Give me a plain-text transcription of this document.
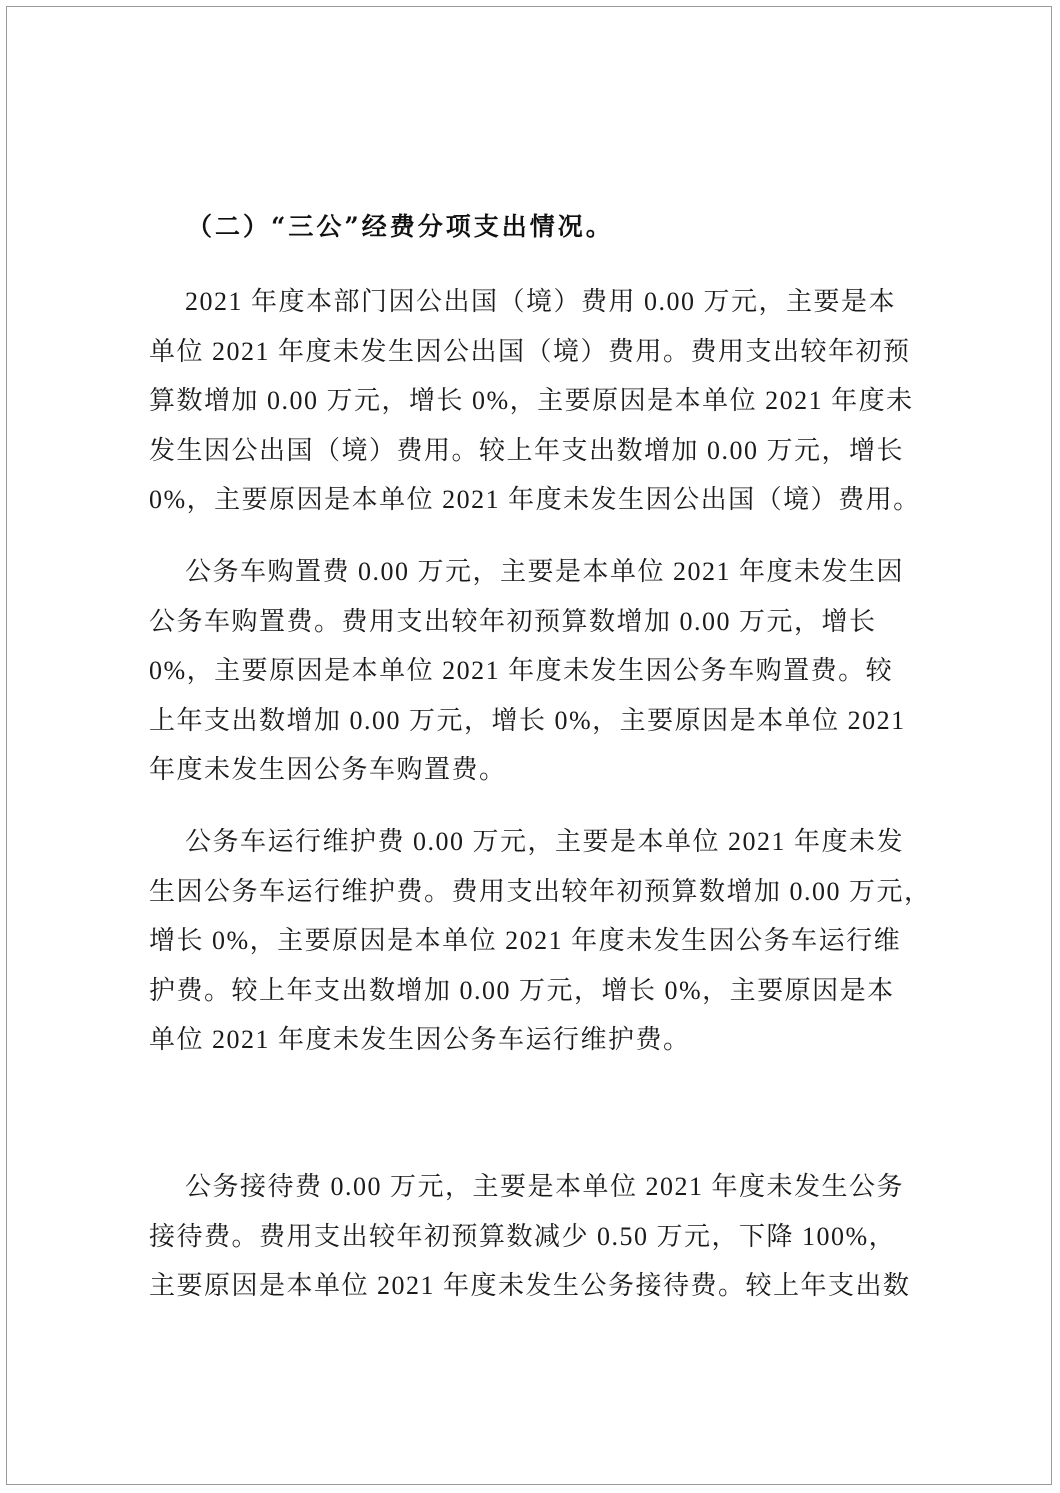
（二）“三公”经费分项支出情况。
2021 年度本部门因公出国（境）费用 0.00 万元，主要是本
单位 2021 年度未发生因公出国（境）费用。费用支出较年初预
算数增加 0.00 万元，增长 0%，主要原因是本单位 2021 年度未
发生因公出国（境）费用。较上年支出数增加 0.00 万元，增长
0%，主要原因是本单位 2021 年度未发生因公出国（境）费用。
公务车购置费 0.00 万元，主要是本单位 2021 年度未发生因
公务车购置费。费用支出较年初预算数增加 0.00 万元，增长
0%，主要原因是本单位 2021 年度未发生因公务车购置费。较
上年支出数增加 0.00 万元，增长 0%，主要原因是本单位 2021
年度未发生因公务车购置费。
公务车运行维护费 0.00 万元，主要是本单位 2021 年度未发
生因公务车运行维护费。费用支出较年初预算数增加 0.00 万元，
增长 0%，主要原因是本单位 2021 年度未发生因公务车运行维
护费。较上年支出数增加 0.00 万元，增长 0%，主要原因是本
单位 2021 年度未发生因公务车运行维护费。
公务接待费 0.00 万元，主要是本单位 2021 年度未发生公务
接待费。费用支出较年初预算数减少 0.50 万元，下降 100%，
主要原因是本单位 2021 年度未发生公务接待费。较上年支出数
